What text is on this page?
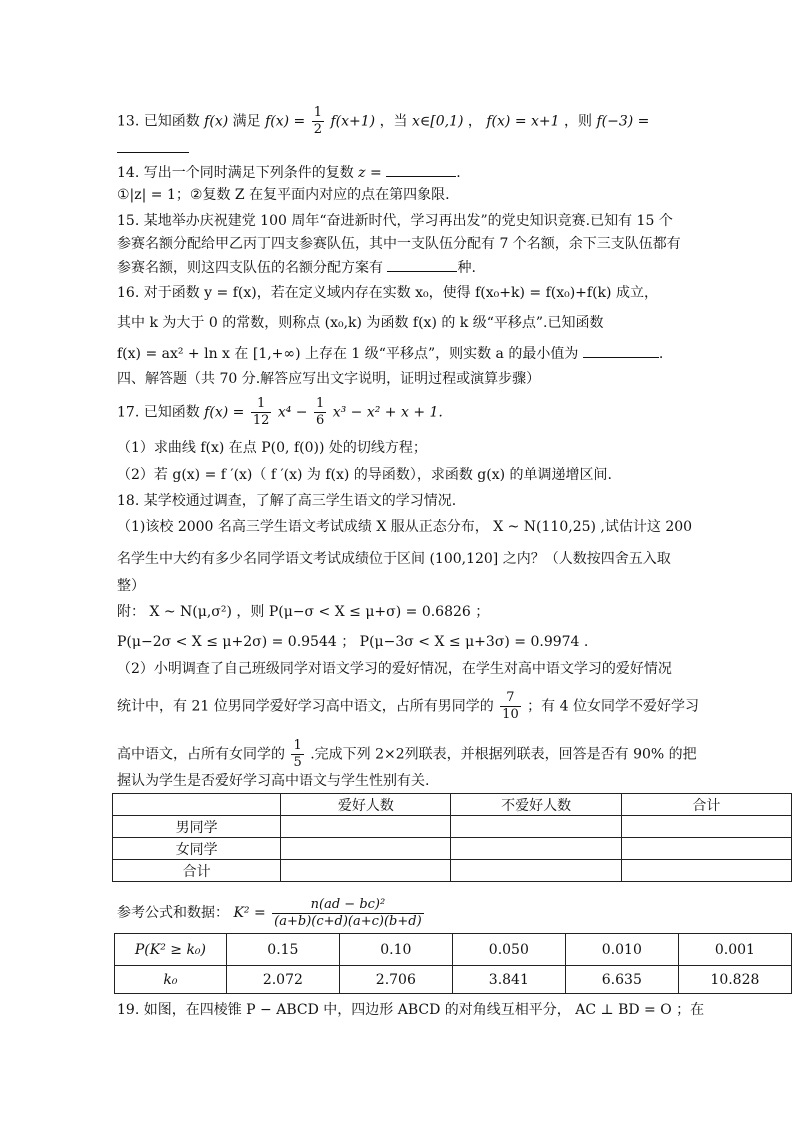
13. 已知函数 f(x) 满足 $f(x) = \frac{1}{2} f(x+1)$ ，当 x∈[0,1) ， f(x) = x+1 ，则 f(−3) =
14. 写出一个同时满足下列条件的复数 z =	.
①|z| = 1；②复数 Z 在复平面内对应的点在第四象限.
15. 某地举办庆祝建党 100 周年“奋进新时代，学习再出发”的党史知识竞赛.已知有 15 个
参赛名额分配给甲乙丙丁四支参赛队伍，其中一支队伍分配有 7 个名额，余下三支队伍都有
参赛名额，则这四支队伍的名额分配方案有	种.
16. 对于函数 y = f(x)，若在定义域内存在实数 x₀，使得 f(x₀+k) = f(x₀)+f(k) 成立，
其中 k 为大于 0 的常数，则称点 (x₀,k) 为函数 f(x) 的 k 级“平移点”.已知函数
f(x) = ax² + ln x 在 [1,+∞) 上存在 1 级“平移点”，则实数 a 的最小值为	.
四、解答题（共 70 分.解答应写出文字说明，证明过程或演算步骤）
17. 已知函数 $f(x) = \frac{1}{12} x^4 - \frac{1}{6} x^3 - x^2 + x + 1$.
（1）求曲线 f(x) 在点 P(0, f(0)) 处的切线方程；
（2）若 g(x) = f ′(x)（ f ′(x) 为 f(x) 的导函数），求函数 g(x) 的单调递增区间.
18. 某学校通过调查，了解了高三学生语文的学习情况.
（1)该校 2000 名高三学生语文考试成绩 X 服从正态分布， X ~ N(110,25) ,试估计这 200
名学生中大约有多少名同学语文考试成绩位于区间 (100,120] 之内？（人数按四舍五入取
整）
附： X ~ N(μ,σ²) ，则 P(μ−σ < X ≤ μ+σ) = 0.6826 ；
P(μ−2σ < X ≤ μ+2σ) = 0.9544 ； P(μ−3σ < X ≤ μ+3σ) = 0.9974 .
（2）小明调查了自己班级同学对语文学习的爱好情况，在学生对高中语文学习的爱好情况
统计中，有 21 位男同学爱好学习高中语文，占所有男同学的 $\frac{7}{10}$ ；有 4 位女同学不爱好学习
高中语文，占所有女同学的 $\frac{1}{5}$ .完成下列 2×2列联表，并根据列联表，回答是否有 90% 的把
握认为学生是否爱好学习高中语文与学生性别有关.
	爱好人数	不爱好人数	合计
男同学			
女同学			
合计			
参考公式和数据： $K^2 = \frac{\text{n(ad − bc)²}}{(a+b)(c+d)(a+c)(b+d)}$
P(K² ≥ k₀)	0.15	0.10	0.050	0.010	0.001
k₀	2.072	2.706	3.841	6.635	10.828
19. 如图，在四棱锥 P − ABCD 中，四边形 ABCD 的对角线互相平分， AC ⊥ BD = O ；在
